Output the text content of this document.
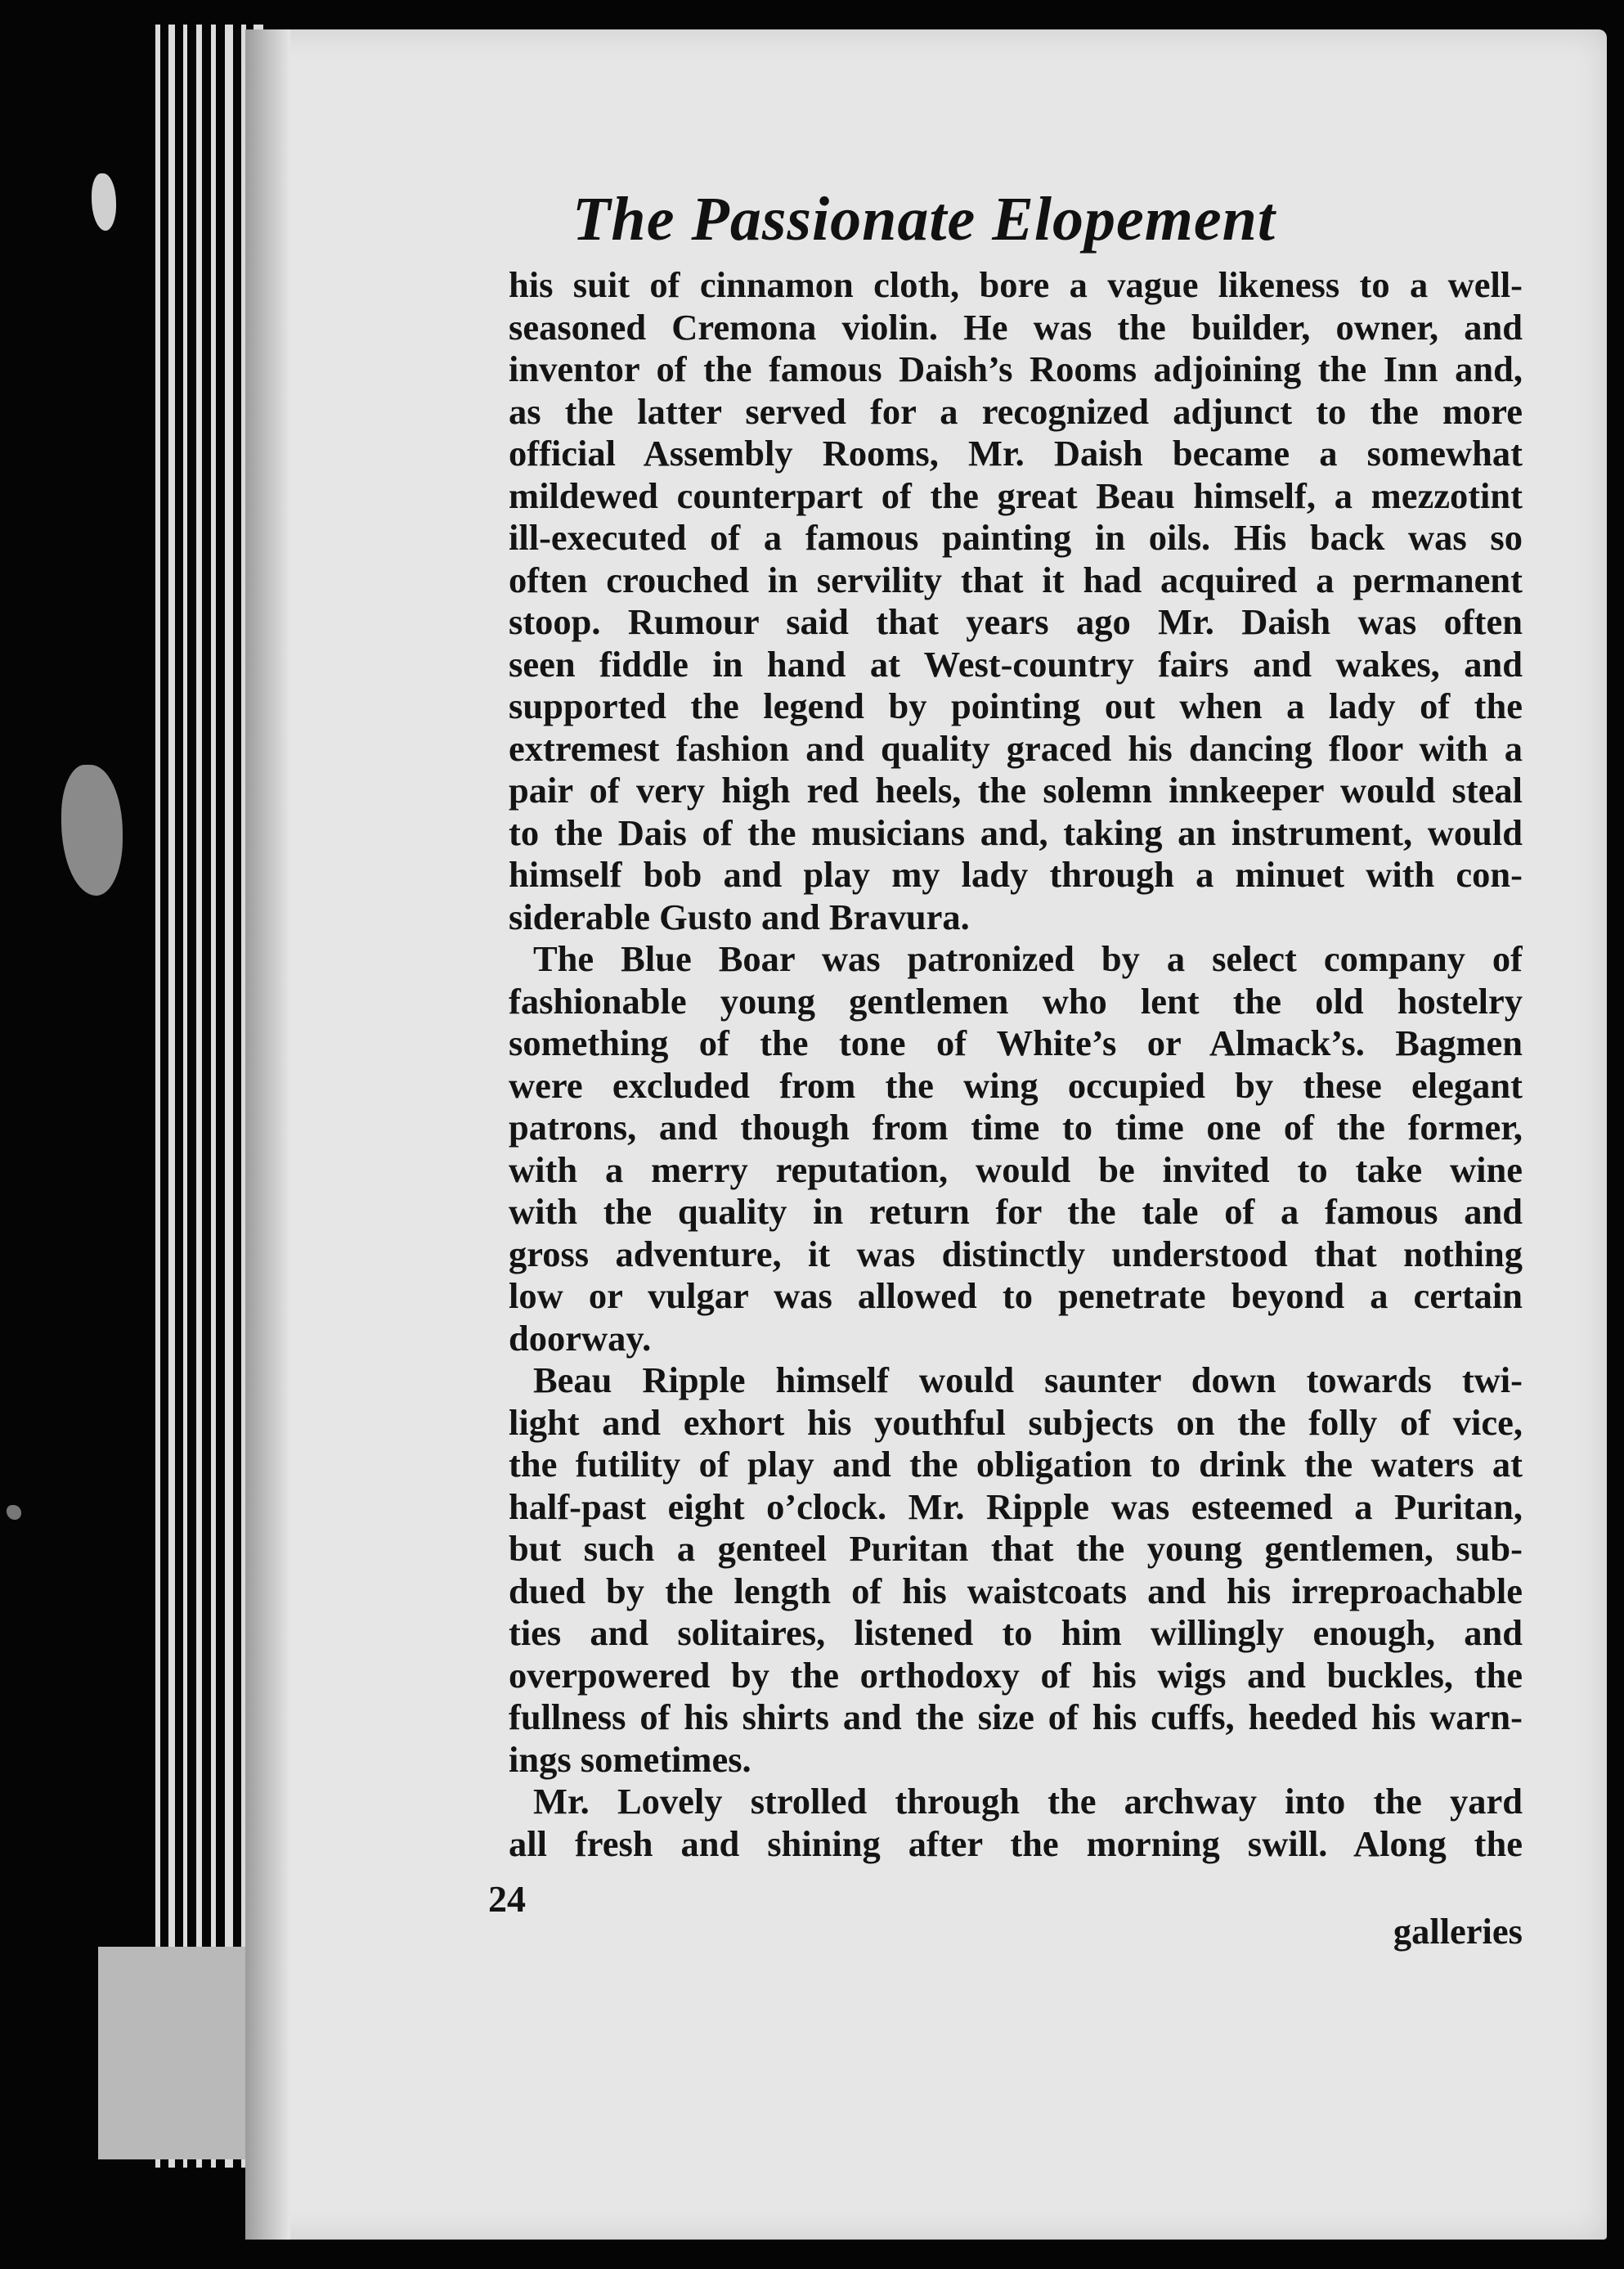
The Passionate Elopement
his suit of cinnamon cloth, bore a vague likeness to a well-
seasoned Cremona violin. He was the builder, owner, and
inventor of the famous Daish’s Rooms adjoining the Inn and,
as the latter served for a recognized adjunct to the more
official Assembly Rooms, Mr. Daish became a somewhat
mildewed counterpart of the great Beau himself, a mezzotint
ill-executed of a famous painting in oils. His back was so
often crouched in servility that it had acquired a permanent
stoop. Rumour said that years ago Mr. Daish was often
seen fiddle in hand at West-country fairs and wakes, and
supported the legend by pointing out when a lady of the
extremest fashion and quality graced his dancing floor with a
pair of very high red heels, the solemn innkeeper would steal
to the Dais of the musicians and, taking an instrument, would
himself bob and play my lady through a minuet with con-
siderable Gusto and Bravura.
The Blue Boar was patronized by a select company of
fashionable young gentlemen who lent the old hostelry
something of the tone of White’s or Almack’s. Bagmen
were excluded from the wing occupied by these elegant
patrons, and though from time to time one of the former,
with a merry reputation, would be invited to take wine
with the quality in return for the tale of a famous and
gross adventure, it was distinctly understood that nothing
low or vulgar was allowed to penetrate beyond a certain
doorway.
Beau Ripple himself would saunter down towards twi-
light and exhort his youthful subjects on the folly of vice,
the futility of play and the obligation to drink the waters at
half-past eight o’clock. Mr. Ripple was esteemed a Puritan,
but such a genteel Puritan that the young gentlemen, sub-
dued by the length of his waistcoats and his irreproachable
ties and solitaires, listened to him willingly enough, and
overpowered by the orthodoxy of his wigs and buckles, the
fullness of his shirts and the size of his cuffs, heeded his warn-
ings sometimes.
Mr. Lovely strolled through the archway into the yard
all fresh and shining after the morning swill. Along the
24
galleries
